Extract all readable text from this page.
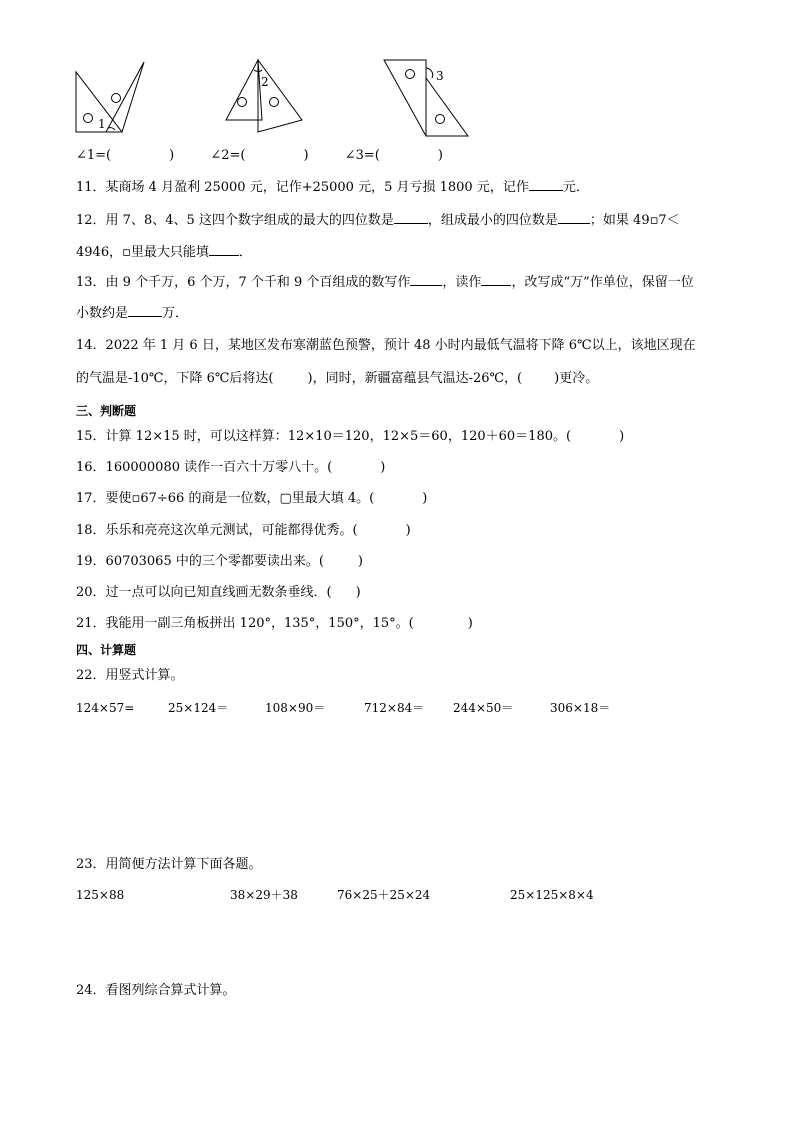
1
2	3
∠1=(	)	∠2=(	)	∠3=(	)
11．某商场 4 月盈利 25000 元，记作+25000 元，5 月亏损 1800 元，记作	元．
12．用 7、8、4、5 这四个数字组成的最大的四位数是	，组成最小的四位数是 ；如果 49▫7＜
4946，▫里最大只能填 ．
13．由 9 个千万，6 个万，7 个千和 9 个百组成的数写作 ，读作 ，改写成“万”作单位，保留一位
小数约是	万．
14．2022 年 1 月 6 日，某地区发布寒潮蓝色预警，预计 48 小时内最低气温将下降 6℃以上，该地区现在
的气温是-10℃，下降 6℃后将达(	)，同时，新疆富蕴县气温达-26℃，( )更冷。
三、判断题
15．计算 12×15 时，可以这样算：12×10＝120，12×5＝60，120＋60＝180。(	)
16．160000080 读作一百六十万零八十。(	)
17．要使▫67÷66 的商是一位数，▢里最大填 4。(	)
18．乐乐和亮亮这次单元测试，可能都得优秀。(	)
19．60703065 中的三个零都要读出来。(	)
20．过一点可以向已知直线画无数条垂线．( )
21．我能用一副三角板拼出 120°，135°，150°，15°。(	)
四、计算题
22．用竖式计算。
124×57=	25×124＝	108×90＝	712×84＝ 244×50＝	306×18＝
23．用简便方法计算下面各题。
125×88	38×29＋38	76×25＋25×24	25×125×8×4
24．看图列综合算式计算。
